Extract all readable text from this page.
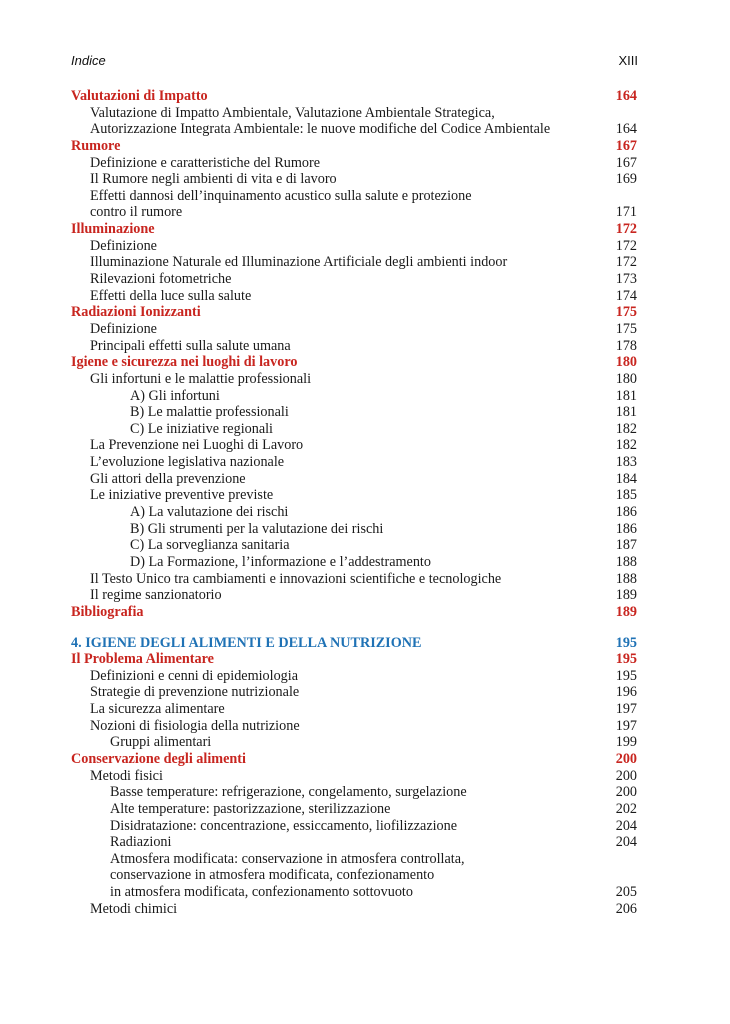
Indice	XIII
Valutazioni di Impatto	164
Valutazione di Impatto Ambientale, Valutazione Ambientale Strategica,
Autorizzazione Integrata Ambientale: le nuove modifiche del Codice Ambientale	164
Rumore	167
Definizione e caratteristiche del Rumore	167
Il Rumore negli ambienti di vita e di lavoro	169
Effetti dannosi dell’inquinamento acustico sulla salute e protezione
contro il rumore	171
Illuminazione	172
Definizione	172
Illuminazione Naturale ed Illuminazione Artificiale degli ambienti indoor	172
Rilevazioni fotometriche	173
Effetti della luce sulla salute	174
Radiazioni Ionizzanti	175
Definizione	175
Principali effetti sulla salute umana	178
Igiene e sicurezza nei luoghi di lavoro	180
Gli infortuni e le malattie professionali	180
A) Gli infortuni	181
B) Le malattie professionali	181
C) Le iniziative regionali	182
La Prevenzione nei Luoghi di Lavoro	182
L’evoluzione legislativa nazionale	183
Gli attori della prevenzione	184
Le iniziative preventive previste	185
A) La valutazione dei rischi	186
B) Gli strumenti per la valutazione dei rischi	186
C) La sorveglianza sanitaria	187
D) La Formazione, l’informazione e l’addestramento	188
Il Testo Unico tra cambiamenti e innovazioni scientifiche e tecnologiche	188
Il regime sanzionatorio	189
Bibliografia	189
4. IGIENE DEGLI ALIMENTI E DELLA NUTRIZIONE	195
Il Problema Alimentare	195
Definizioni e cenni di epidemiologia	195
Strategie di prevenzione nutrizionale	196
La sicurezza alimentare	197
Nozioni di fisiologia della nutrizione	197
Gruppi alimentari	199
Conservazione degli alimenti	200
Metodi fisici	200
Basse temperature: refrigerazione, congelamento, surgelazione	200
Alte temperature: pastorizzazione, sterilizzazione	202
Disidratazione: concentrazione, essiccamento, liofilizzazione	204
Radiazioni	204
Atmosfera modificata: conservazione in atmosfera controllata,
conservazione in atmosfera modificata, confezionamento
in atmosfera modificata, confezionamento sottovuoto	205
Metodi chimici	206
